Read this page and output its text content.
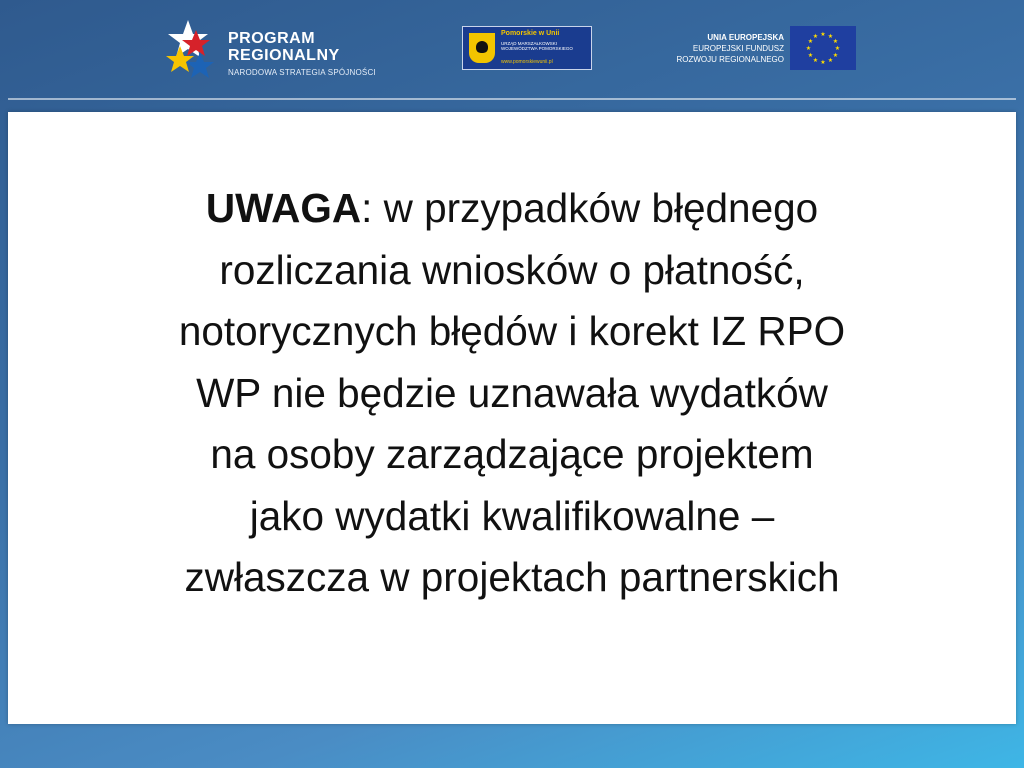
PROGRAM
REGIONALNY
NARODOWA STRATEGIA SPÓJNOŚCI
Pomorskie w Unii
URZĄD MARSZAŁKOWSKI WOJEWÓDZTWA POMORSKIEGO
www.pomorskiewunii.pl
UNIA EUROPEJSKA
EUROPEJSKI FUNDUSZ
ROZWOJU REGIONALNEGO
★ ★
★
★
★
★
★
★
★
★
★
★
UWAGA: w przypadków błędnego
rozliczania wniosków o płatność,
notorycznych błędów i korekt IZ RPO
WP nie będzie uznawała wydatków
na osoby zarządzające projektem
jako wydatki kwalifikowalne –
zwłaszcza w projektach partnerskich
